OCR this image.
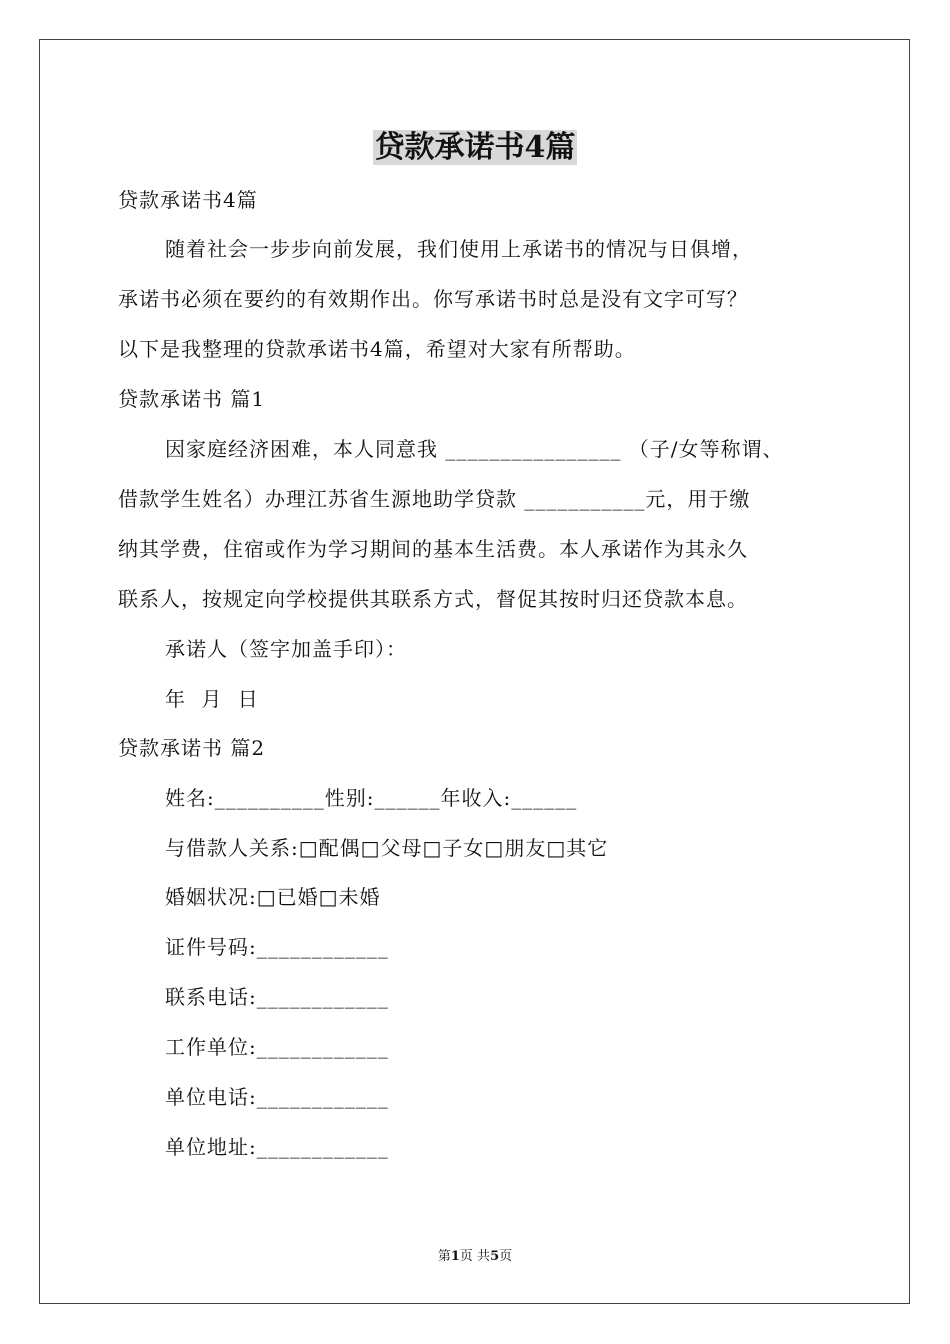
贷款承诺书4篇
贷款承诺书4篇
随着社会一步步向前发展，我们使用上承诺书的情况与日俱增，
承诺书必须在要约的有效期作出。你写承诺书时总是没有文字可写？
以下是我整理的贷款承诺书4篇，希望对大家有所帮助。
贷款承诺书 篇1
因家庭经济困难，本人同意我 ________________ （子/女等称谓、
借款学生姓名）办理江苏省生源地助学贷款 ___________元，用于缴
纳其学费，住宿或作为学习期间的基本生活费。本人承诺作为其永久
联系人，按规定向学校提供其联系方式，督促其按时归还贷款本息。
承诺人（签字加盖手印）：
年 月 日
贷款承诺书 篇2
姓名:__________性别:______年收入:______
与借款人关系:□配偶□父母□子女□朋友□其它
婚姻状况:□已婚□未婚
证件号码:____________
联系电话:____________
工作单位:____________
单位电话:____________
单位地址:____________
第1页 共5页
